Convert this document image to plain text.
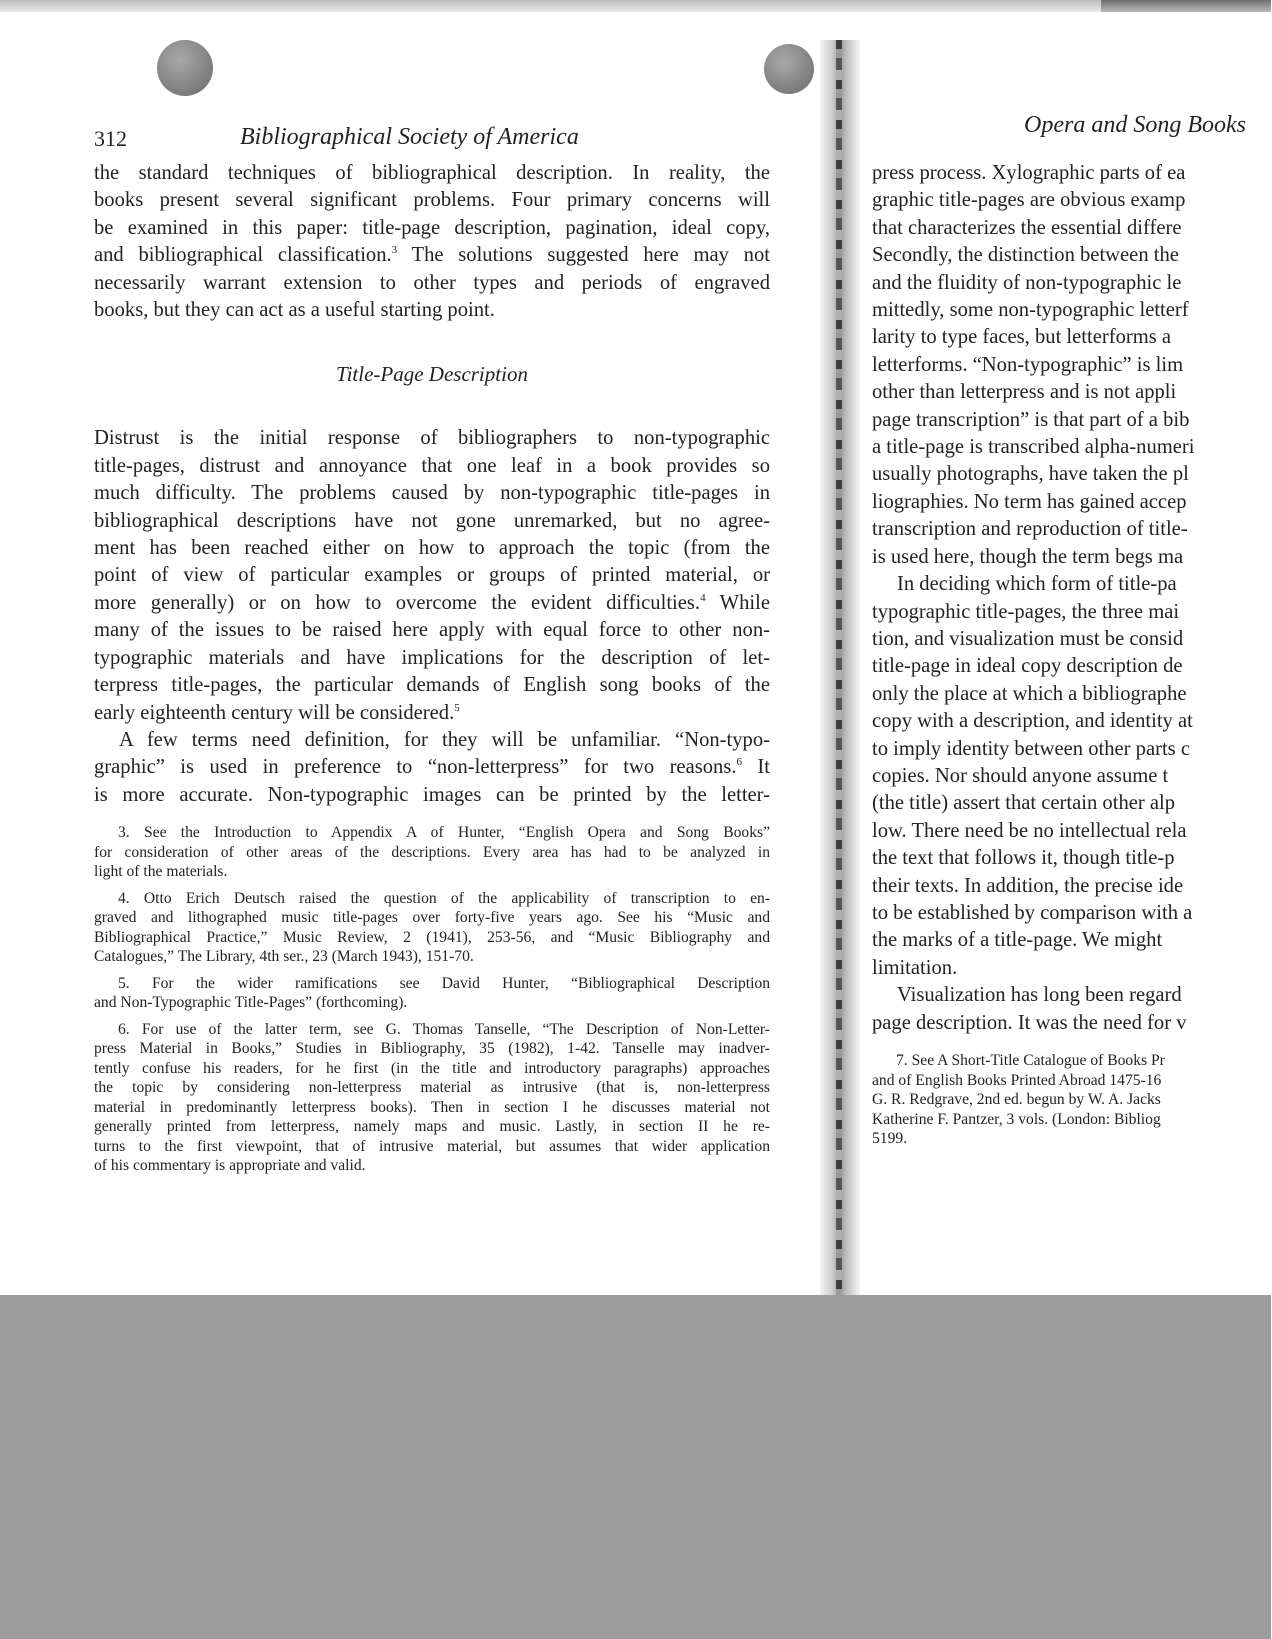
312	Bibliographical Society of America
the standard techniques of bibliographical description. In reality, the
books present several significant problems. Four primary concerns will
be examined in this paper: title-page description, pagination, ideal copy,
and bibliographical classification.$^3$ The solutions suggested here may not
necessarily warrant extension to other types and periods of engraved
books, but they can act as a useful starting point.
Title-Page Description
Distrust is the initial response of bibliographers to non-typographic
title-pages, distrust and annoyance that one leaf in a book provides so
much difficulty. The problems caused by non-typographic title-pages in
bibliographical descriptions have not gone unremarked, but no agree-
ment has been reached either on how to approach the topic (from the
point of view of particular examples or groups of printed material, or
more generally) or on how to overcome the evident difficulties.$^4$ While
many of the issues to be raised here apply with equal force to other non-
typographic materials and have implications for the description of let-
terpress title-pages, the particular demands of English song books of the
early eighteenth century will be considered.$^5$
A few terms need definition, for they will be unfamiliar. “Non-typo-
graphic” is used in preference to “non-letterpress” for two reasons.$^6$ It
is more accurate. Non-typographic images can be printed by the letter-
3. See the Introduction to Appendix A of Hunter, “English Opera and Song Books”
for consideration of other areas of the descriptions. Every area has had to be analyzed in
light of the materials.
4. Otto Erich Deutsch raised the question of the applicability of transcription to en-
graved and lithographed music title-pages over forty-five years ago. See his “Music and
Bibliographical Practice,” Music Review, 2 (1941), 253-56, and “Music Bibliography and
Catalogues,” The Library, 4th ser., 23 (March 1943), 151-70.
5. For the wider ramifications see David Hunter, “Bibliographical Description
and Non-Typographic Title-Pages” (forthcoming).
6. For use of the latter term, see G. Thomas Tanselle, “The Description of Non-Letter-
press Material in Books,” Studies in Bibliography, 35 (1982), 1-42. Tanselle may inadver-
tently confuse his readers, for he first (in the title and introductory paragraphs) approaches
the topic by considering non-letterpress material as intrusive (that is, non-letterpress
material in predominantly letterpress books). Then in section I he discusses material not
generally printed from letterpress, namely maps and music. Lastly, in section II he re-
turns to the first viewpoint, that of intrusive material, but assumes that wider application
of his commentary is appropriate and valid.
Opera and Song Books
press process. Xylographic parts of ea
graphic title-pages are obvious examp
that characterizes the essential differe
Secondly, the distinction between the
and the fluidity of non-typographic le
mittedly, some non-typographic letterf
larity to type faces, but letterforms a
letterforms. “Non-typographic” is lim
other than letterpress and is not appli
page transcription” is that part of a bib
a title-page is transcribed alpha-numeri
usually photographs, have taken the pl
liographies. No term has gained accep
transcription and reproduction of title-
is used here, though the term begs ma
In deciding which form of title-pa
typographic title-pages, the three mai
tion, and visualization must be consid
title-page in ideal copy description de
only the place at which a bibliographe
copy with a description, and identity at
to imply identity between other parts c
copies. Nor should anyone assume t
(the title) assert that certain other alp
low. There need be no intellectual rela
the text that follows it, though title-p
their texts. In addition, the precise ide
to be established by comparison with a
the marks of a title-page. We might
limitation.
Visualization has long been regard
page description. It was the need for v
7. See A Short-Title Catalogue of Books Pr
and of English Books Printed Abroad 1475-16
G. R. Redgrave, 2nd ed. begun by W. A. Jacks
Katherine F. Pantzer, 3 vols. (London: Bibliog
5199.
